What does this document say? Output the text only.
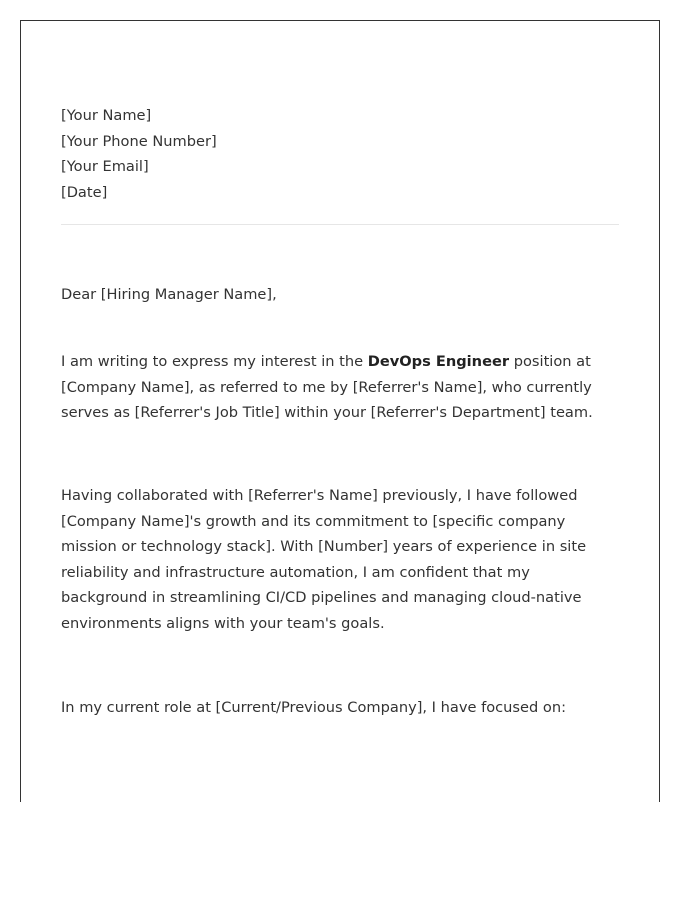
[Your Name]
[Your Phone Number]
[Your Email]
[Date]

Dear [Hiring Manager Name],

I am writing to express my interest in the DevOps Engineer position at [Company Name], as referred to me by [Referrer's Name], who currently serves as [Referrer's Job Title] within your [Referrer's Department] team.

Having collaborated with [Referrer's Name] previously, I have followed [Company Name]'s growth and its commitment to [specific company mission or technology stack]. With [Number] years of experience in site reliability and infrastructure automation, I am confident that my background in streamlining CI/CD pipelines and managing cloud-native environments aligns with your team's goals.

In my current role at [Current/Previous Company], I have focused on:
